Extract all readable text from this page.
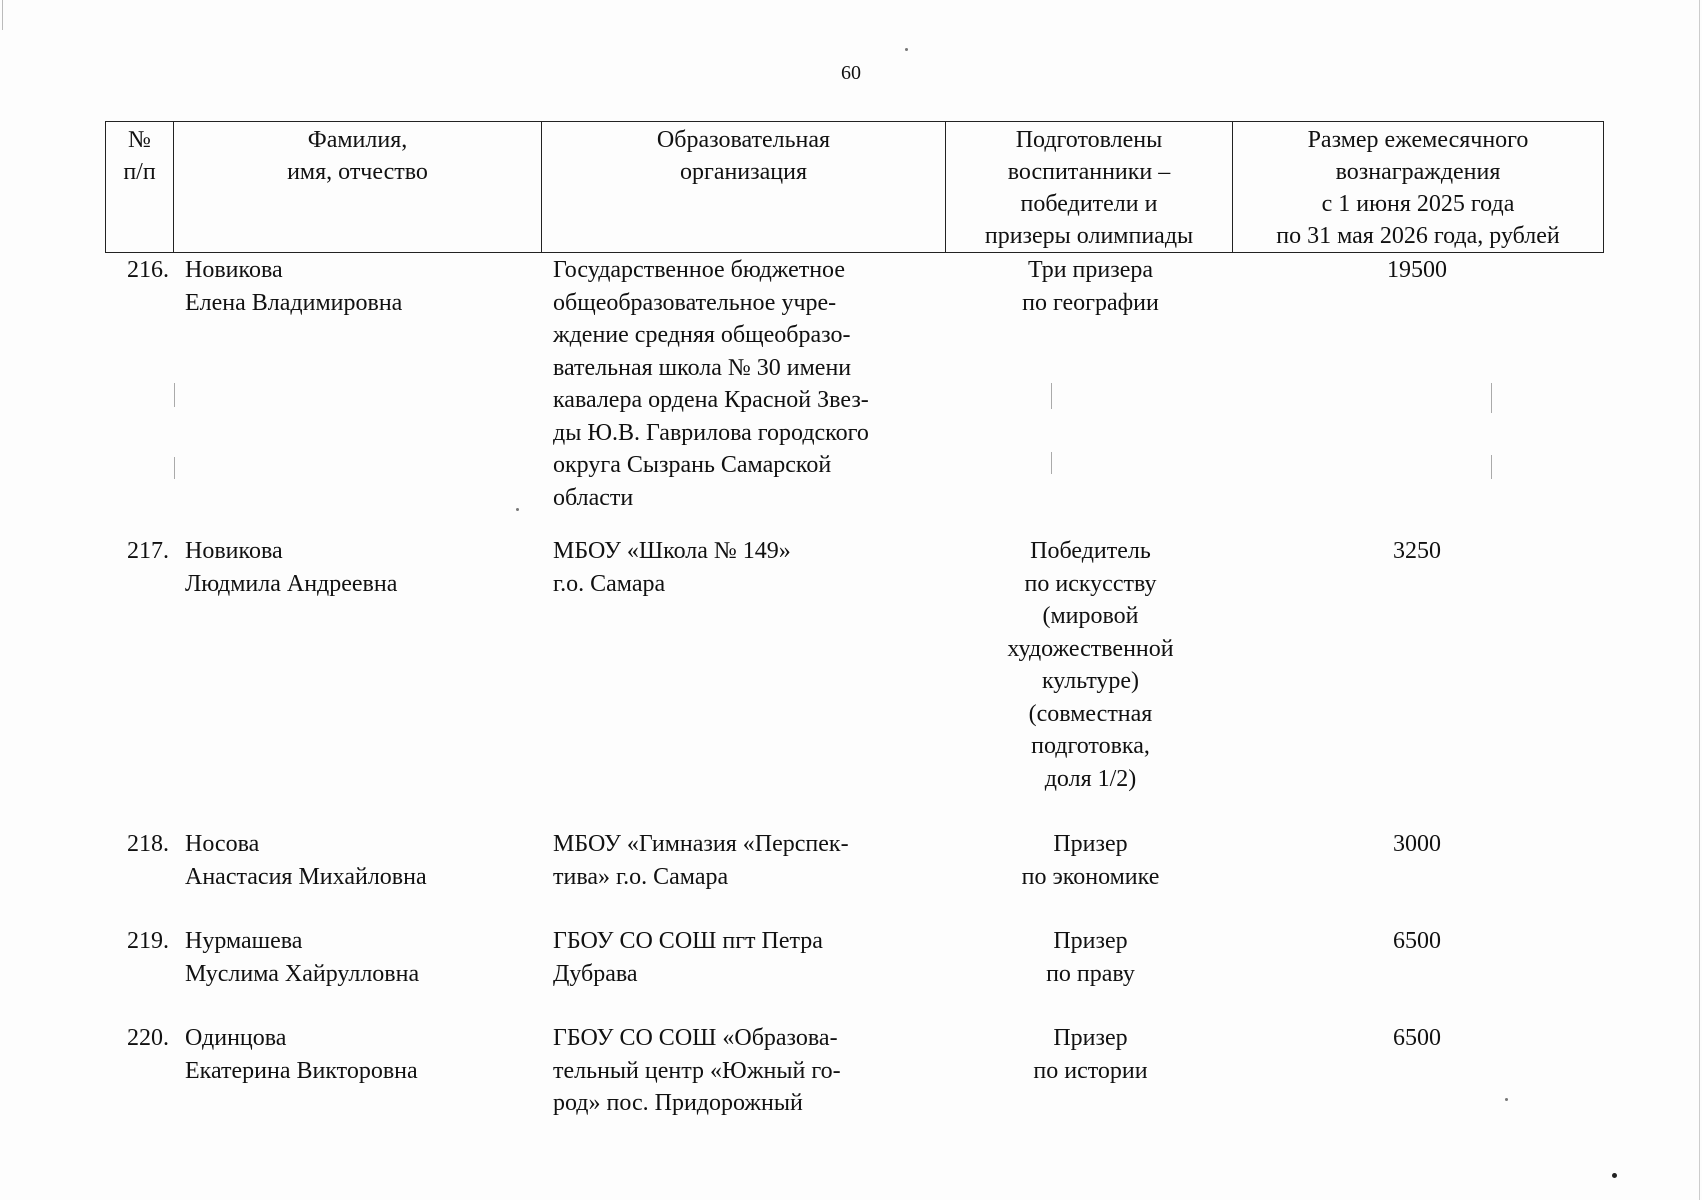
60
№
п/п
Фамилия,
имя, отчество
Образовательная
организация
Подготовлены
воспитанники –
победители и
призеры олимпиады
Размер ежемесячного
вознаграждения
с 1 июня 2025 года
по 31 мая 2026 года, рублей
216. Новикова
Елена Владимировна

Государственное бюджетное

общеобразовательное учре-

ждение средняя общеобразо-

вательная школа № 30 имени

кавалера ордена Красной Звез-

ды Ю.В. Гаврилова городского

округа Сызрань Самарской

области

Три призера
по географии
19500
217. Новикова
Людмила Андреевна

МБОУ «Школа № 149»

г.о. Самара

Победитель
по искусству
(мировой
художественной
культуре)
(совместная
подготовка,
доля 1/2)
3250
218. Носова
Анастасия Михайловна

МБОУ «Гимназия «Перспек-

тива» г.о. Самара

Призер
по экономике
3000
219. Нурмашева
Муслима Хайрулловна

ГБОУ СО СОШ пгт Петра

Дубрава

Призер
по праву
6500
220. Одинцова
Екатерина Викторовна

ГБОУ СО СОШ «Образова-

тельный центр «Южный го-

род» пос. Придорожный

Призер
по истории
6500
